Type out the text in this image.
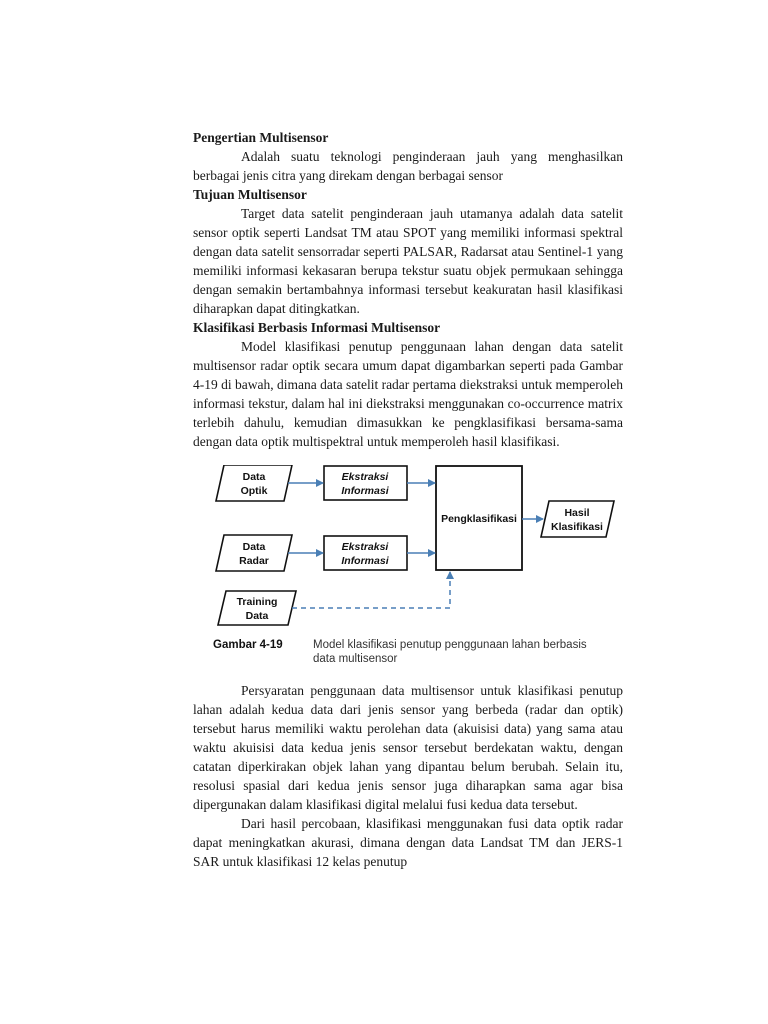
Pengertian Multisensor

Adalah suatu teknologi penginderaan jauh yang menghasilkan berbagai jenis citra yang direkam dengan berbagai sensor

Tujuan Multisensor

Target data satelit penginderaan jauh utamanya adalah data satelit sensor optik seperti Landsat TM atau SPOT yang memiliki informasi spektral dengan data satelit sensorradar seperti PALSAR, Radarsat atau Sentinel-1 yang memiliki informasi kekasaran berupa tekstur suatu objek permukaan sehingga dengan semakin bertambahnya informasi tersebut keakuratan hasil klasifikasi diharapkan dapat ditingkatkan.

Klasifikasi Berbasis Informasi Multisensor

Model klasifikasi penutup penggunaan lahan dengan data satelit multisensor radar optik secara umum dapat digambarkan seperti pada Gambar 4-19 di bawah, dimana data satelit radar pertama diekstraksi untuk memperoleh informasi tekstur, dalam hal ini diekstraksi menggunakan co-occurrence matrix terlebih dahulu, kemudian dimasukkan ke pengklasifikasi bersama-sama dengan data optik multispektral untuk memperoleh hasil klasifikasi.

Data
Optik
Ekstraksi
Informasi
Data
Radar
Ekstraksi
Informasi
Training
Data
Pengklasifikasi	Hasil
Klasifikasi
Gambar 4-19	Model klasifikasi penutup penggunaan lahan berbasis
data multisensor

Persyaratan penggunaan data multisensor untuk klasifikasi penutup lahan adalah kedua data dari jenis sensor yang berbeda (radar dan optik) tersebut harus memiliki waktu perolehan data (akuisisi data) yang sama atau waktu akuisisi data kedua jenis sensor tersebut berdekatan waktu, dengan catatan diperkirakan objek lahan yang dipantau belum berubah. Selain itu, resolusi spasial dari kedua jenis sensor juga diharapkan sama agar bisa dipergunakan dalam klasifikasi digital melalui fusi kedua data tersebut.

Dari hasil percobaan, klasifikasi menggunakan fusi data optik radar dapat meningkatkan akurasi, dimana dengan data Landsat TM dan JERS-1 SAR untuk klasifikasi 12 kelas penutup
